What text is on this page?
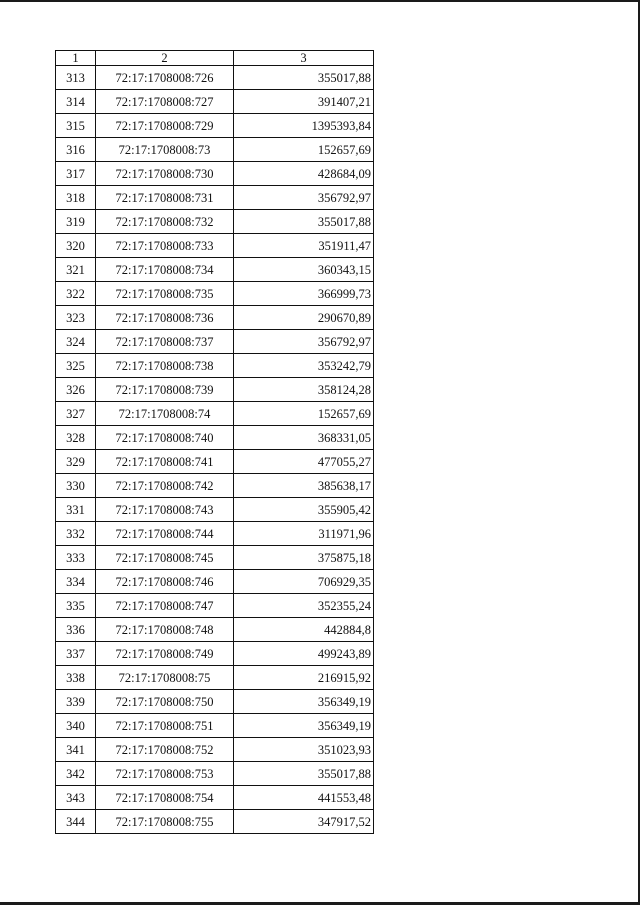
1	2	3
313	72:17:1708008:726	355017,88
314	72:17:1708008:727	391407,21
315	72:17:1708008:729	1395393,84
316	72:17:1708008:73	152657,69
317	72:17:1708008:730	428684,09
318	72:17:1708008:731	356792,97
319	72:17:1708008:732	355017,88
320	72:17:1708008:733	351911,47
321	72:17:1708008:734	360343,15
322	72:17:1708008:735	366999,73
323	72:17:1708008:736	290670,89
324	72:17:1708008:737	356792,97
325	72:17:1708008:738	353242,79
326	72:17:1708008:739	358124,28
327	72:17:1708008:74	152657,69
328	72:17:1708008:740	368331,05
329	72:17:1708008:741	477055,27
330	72:17:1708008:742	385638,17
331	72:17:1708008:743	355905,42
332	72:17:1708008:744	311971,96
333	72:17:1708008:745	375875,18
334	72:17:1708008:746	706929,35
335	72:17:1708008:747	352355,24
336	72:17:1708008:748	442884,8
337	72:17:1708008:749	499243,89
338	72:17:1708008:75	216915,92
339	72:17:1708008:750	356349,19
340	72:17:1708008:751	356349,19
341	72:17:1708008:752	351023,93
342	72:17:1708008:753	355017,88
343	72:17:1708008:754	441553,48
344	72:17:1708008:755	347917,52
